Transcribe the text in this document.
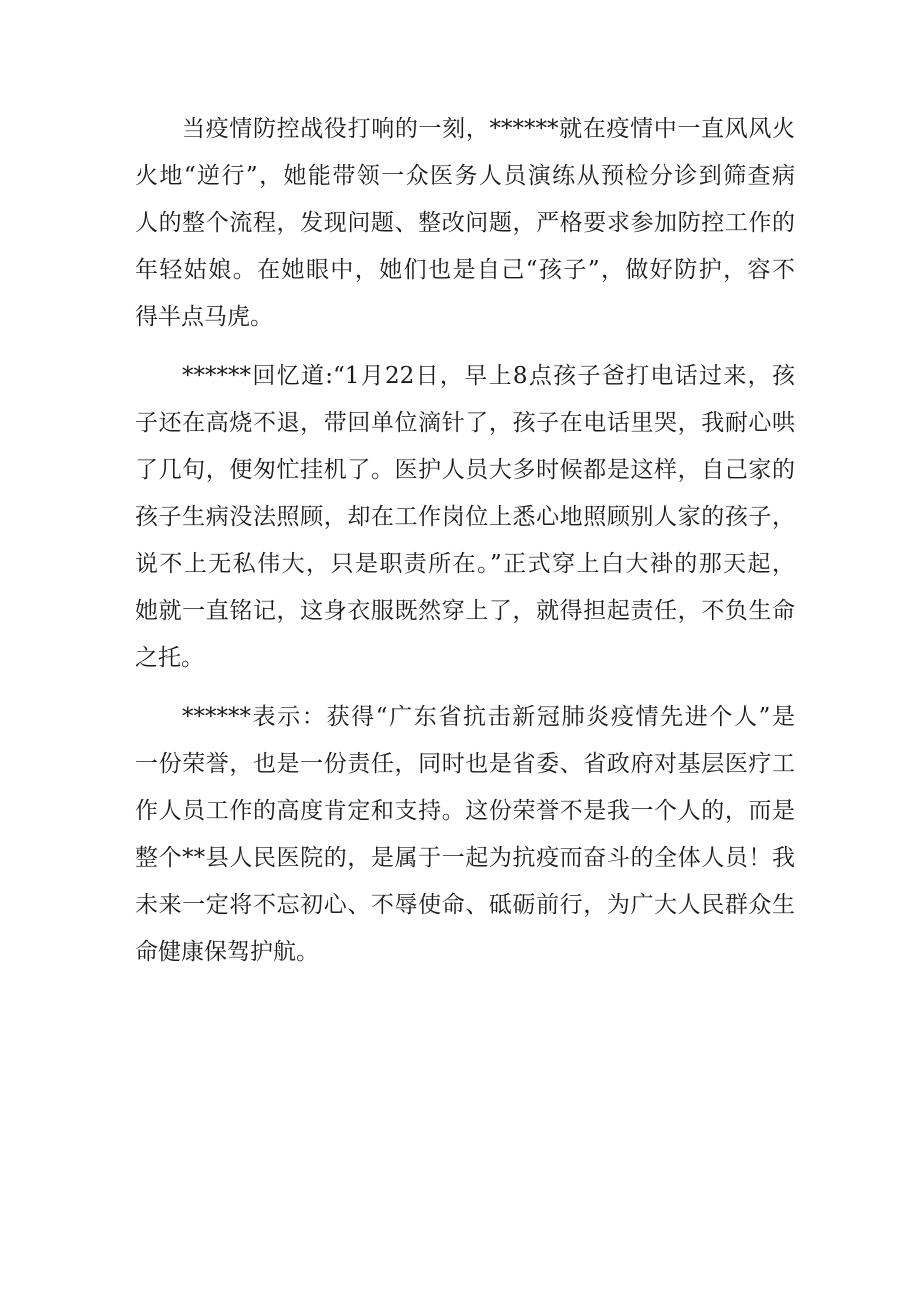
当疫情防控战役打响的一刻，******就在疫情中一直风风火
火地“逆行”，她能带领一众医务人员演练从预检分诊到筛查病
人的整个流程，发现问题、整改问题，严格要求参加防控工作的
年轻姑娘。在她眼中，她们也是自己“孩子”，做好防护，容不
得半点马虎。

******回忆道:“1月22日，早上8点孩子爸打电话过来，孩
子还在高烧不退，带回单位滴针了，孩子在电话里哭，我耐心哄
了几句，便匆忙挂机了。医护人员大多时候都是这样，自己家的
孩子生病没法照顾，却在工作岗位上悉心地照顾别人家的孩子，
说不上无私伟大，只是职责所在。”正式穿上白大褂的那天起，
她就一直铭记，这身衣服既然穿上了，就得担起责任，不负生命
之托。

******表示：获得“广东省抗击新冠肺炎疫情先进个人”是
一份荣誉，也是一份责任，同时也是省委、省政府对基层医疗工
作人员工作的高度肯定和支持。这份荣誉不是我一个人的，而是
整个**县人民医院的，是属于一起为抗疫而奋斗的全体人员！我
未来一定将不忘初心、不辱使命、砥砺前行，为广大人民群众生
命健康保驾护航。
